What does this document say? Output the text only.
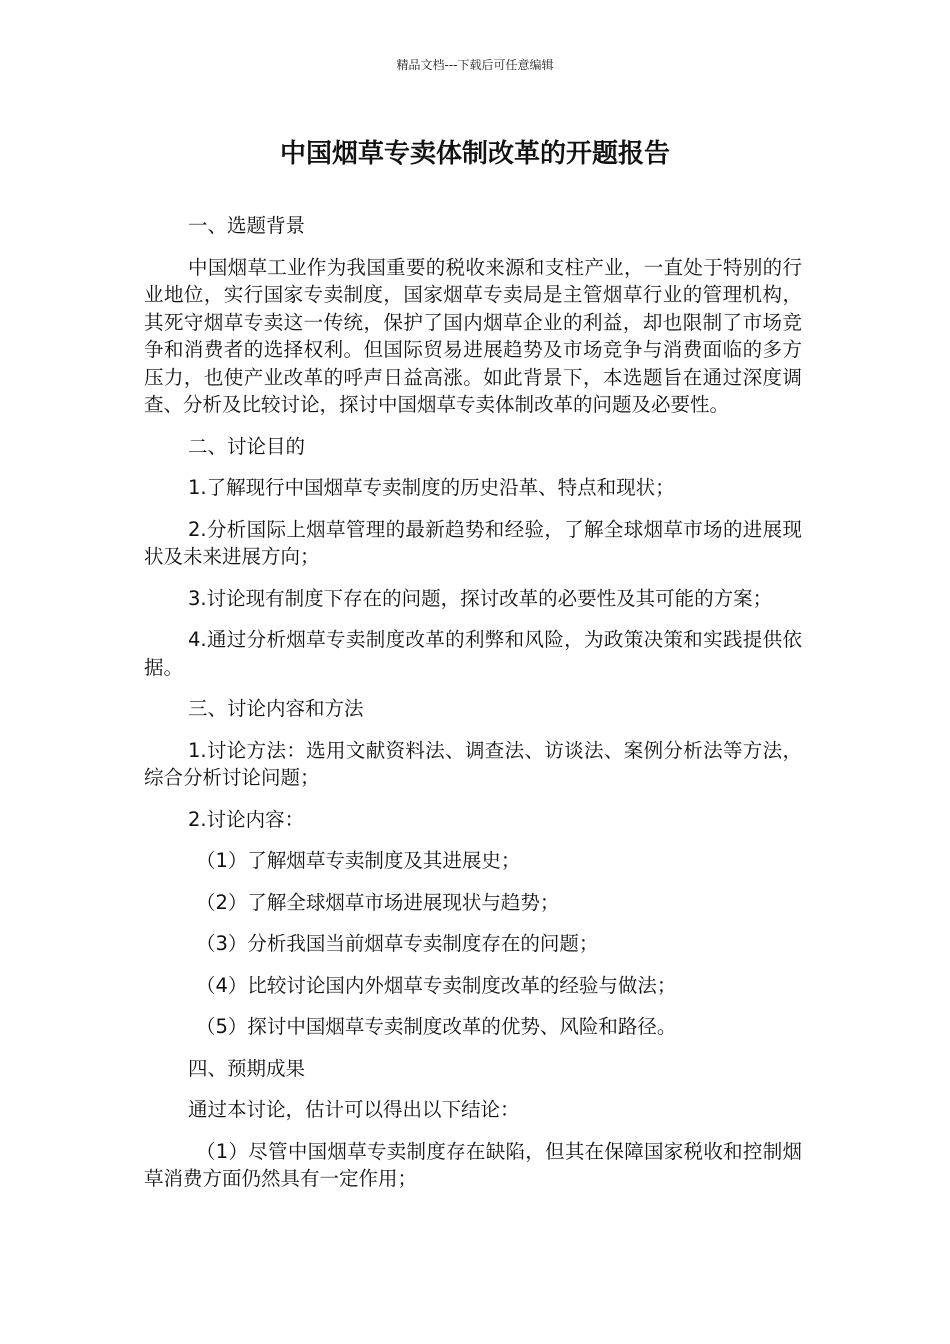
精品文档---下载后可任意编辑
中国烟草专卖体制改革的开题报告

一、选题背景

中国烟草工业作为我国重要的税收来源和支柱产业，一直处于特别的行业地位，实行国家专卖制度，国家烟草专卖局是主管烟草行业的管理机构，其死守烟草专卖这一传统，保护了国内烟草企业的利益，却也限制了市场竞争和消费者的选择权利。但国际贸易进展趋势及市场竞争与消费面临的多方压力，也使产业改革的呼声日益高涨。如此背景下，本选题旨在通过深度调查、分析及比较讨论，探讨中国烟草专卖体制改革的问题及必要性。

二、讨论目的

1.了解现行中国烟草专卖制度的历史沿革、特点和现状；

2.分析国际上烟草管理的最新趋势和经验，了解全球烟草市场的进展现状及未来进展方向；

3.讨论现有制度下存在的问题，探讨改革的必要性及其可能的方案；

4.通过分析烟草专卖制度改革的利弊和风险，为政策决策和实践提供依据。

三、讨论内容和方法

1.讨论方法：选用文献资料法、调查法、访谈法、案例分析法等方法，综合分析讨论问题；

2.讨论内容：

（1）了解烟草专卖制度及其进展史；

（2）了解全球烟草市场进展现状与趋势；

（3）分析我国当前烟草专卖制度存在的问题；

（4）比较讨论国内外烟草专卖制度改革的经验与做法；

（5）探讨中国烟草专卖制度改革的优势、风险和路径。

四、预期成果

通过本讨论，估计可以得出以下结论：

（1）尽管中国烟草专卖制度存在缺陷，但其在保障国家税收和控制烟草消费方面仍然具有一定作用；
